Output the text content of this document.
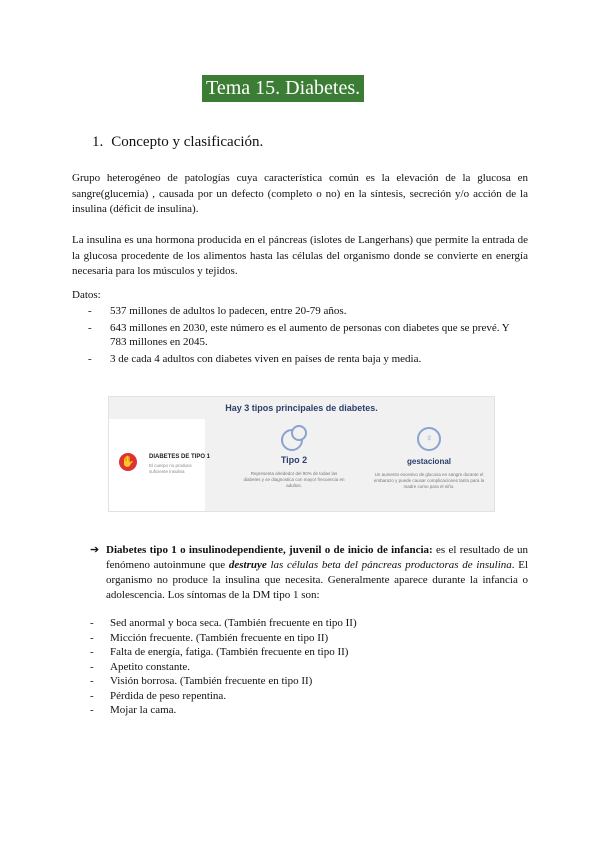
Tema 15. Diabetes.
1. Concepto y clasificación.
Grupo heterogéneo de patologías cuya característica común es la elevación de la glucosa en sangre(glucemia) , causada por un defecto (completo o no) en la síntesis, secreción y/o acción de la insulina (déficit de insulina).
La insulina es una hormona producida en el páncreas (islotes de Langerhans) que permite la entrada de la glucosa procedente de los alimentos hasta las células del organismo donde se convierte en energía necesaria para los músculos y tejidos.
Datos:
- 537 millones de adultos lo padecen, entre 20-79 años.
- 643 millones en 2030, este número es el aumento de personas con diabetes que se prevé. Y 783 millones en 2045.
- 3 de cada 4 adultos con diabetes viven en países de renta baja y media.
Hay 3 tipos principales de diabetes.
✋	DIABETES DE TIPO 1
El cuerpo no produce suficiente insulina
Tipo 2
Representa alrededor del 90% de todas las diabetes y se diagnostica con mayor frecuencia en adultos.
♀
gestacional
Un aumento excesivo de glucosa en sangre durante el embarazo y puede causar complicaciones tanto para la madre como para el niño.
➔ Diabetes tipo 1 o insulinodependiente, juvenil o de inicio de infancia: es el resultado de un fenómeno autoinmune que destruye las células beta del páncreas productoras de insulina. El organismo no produce la insulina que necesita. Generalmente aparece durante la infancia o adolescencia. Los síntomas de la DM tipo 1 son:
- Sed anormal y boca seca. (También frecuente en tipo II)
- Micción frecuente. (También frecuente en tipo II)
- Falta de energía, fatiga. (También frecuente en tipo II)
- Apetito constante.
- Visión borrosa. (También frecuente en tipo II)
- Pérdida de peso repentina.
- Mojar la cama.
